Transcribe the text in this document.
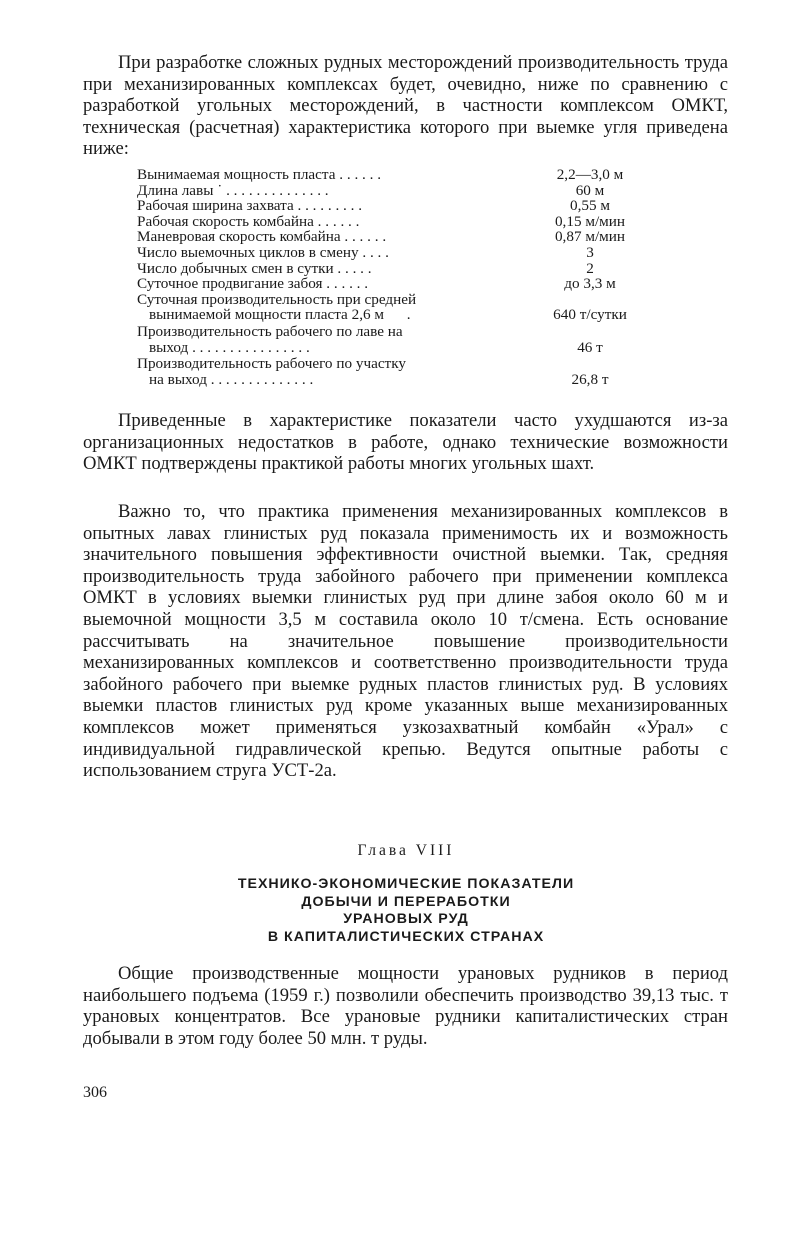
При разработке сложных рудных месторождений производительность труда при механизированных комплексах будет, очевидно, ниже по сравнению с разработкой угольных месторождений, в частности комплексом ОМКТ, техническая (расчетная) характеристика которого при выемке угля приведена ниже:

Вынимаемая мощность пласта . . . . . .	2,2—3,0 м
Длина лавы ˙ . . . . . . . . . . . . . .	60 м
Рабочая ширина захвата . . . . . . . . .	0,55 м
Рабочая скорость комбайна . . . . . .	0,15 м/мин
Маневровая скорость комбайна . . . . . .	0,87 м/мин
Число выемочных циклов в смену . . . .	3
Число добычных смен в сутки . . . . .	2
Суточное продвигание забоя . . . . . .	до 3,3 м
Суточная производительность при средней
вынимаемой мощности пласта 2,6 м      .	640 т/сутки
Производительность рабочего по лаве на
выход . . . . . . . . . . . . . . . .	46 т
Производительность рабочего по участку
на выход . . . . . . . . . . . . . .	26,8 т

Приведенные в характеристике показатели часто ухудшаются из-за организационных недостатков в работе, однако технические возможности ОМКТ подтверждены практикой работы многих угольных шахт.

Важно то, что практика применения механизированных комплексов в опытных лавах глинистых руд показала применимость их и возможность значительного повышения эффективности очистной выемки. Так, средняя производительность труда забойного рабочего при применении комплекса ОМКТ в условиях выемки глинистых руд при длине забоя около 60 м и выемочной мощности 3,5 м составила около 10 т/смена. Есть основание рассчитывать на значительное повышение производительности механизированных комплексов и соответственно производительности труда забойного рабочего при выемке рудных пластов глинистых руд. В условиях выемки пластов глинистых руд кроме указанных выше механизированных комплексов может применяться узкозахватный комбайн «Урал» с индивидуальной гидравлической крепью. Ведутся опытные работы с использованием струга УСТ-2а.

Глава VIII
ТЕХНИКО-ЭКОНОМИЧЕСКИЕ ПОКАЗАТЕЛИ
ДОБЫЧИ И ПЕРЕРАБОТКИ
УРАНОВЫХ РУД
В КАПИТАЛИСТИЧЕСКИХ СТРАНАХ

Общие производственные мощности урановых рудников в период наибольшего подъема (1959 г.) позволили обеспечить производство 39,13 тыс. т урановых концентратов. Все урановые рудники капиталистических стран добывали в этом году более 50 млн. т руды.

306
